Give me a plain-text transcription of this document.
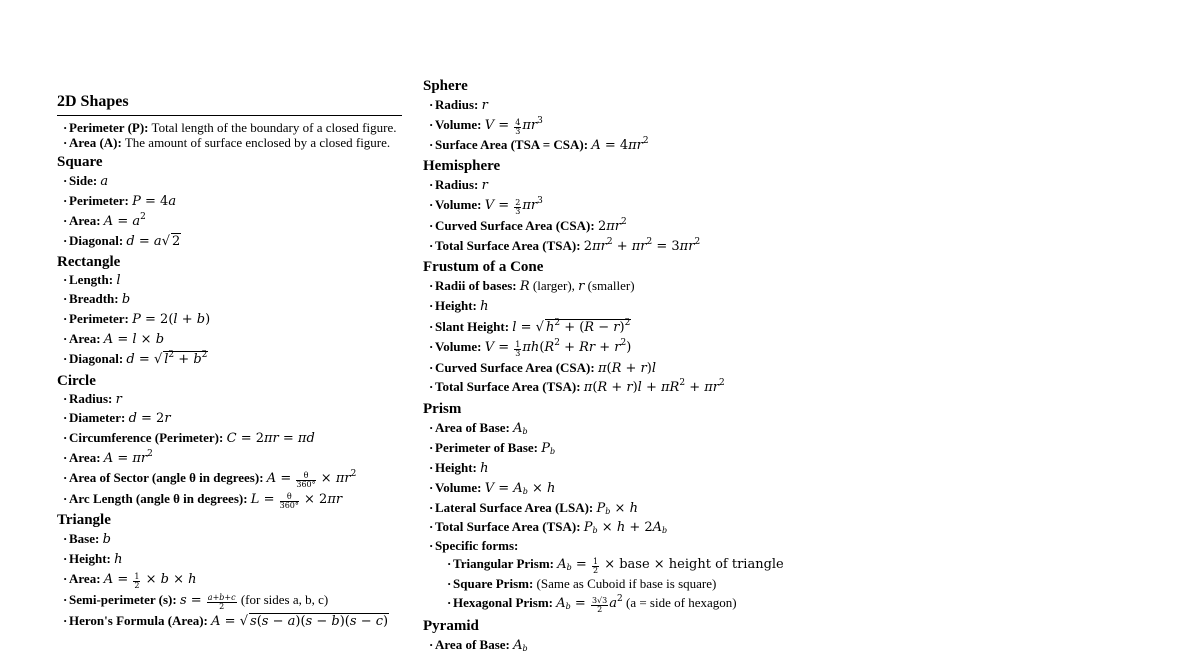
2D Shapes
· Perimeter (P): Total length of the boundary of a closed figure.
· Area (A): The amount of surface enclosed by a closed figure.
Square
· Side: a
· Perimeter: P = 4a
· Area: $A = a^2$
· Diagonal: d = a√ 2
Rectangle
· Length: l
· Breadth: b
· Perimeter: P = 2(l + b)
· Area: A = l × b
· Diagonal: d = √ $l^2 + b^2$
Circle
· Radius: r
· Diameter: d = 2r
· Circumference (Perimeter): C = 2πr = πd
· Area: $A = \pi r^2$
· Area of Sector (angle θ in degrees): $A = \frac{\theta}{360^\circ} \times \pi r^2$
· Arc Length (angle θ in degrees): $L = \frac{\theta}{360^\circ} \times 2\pi r$
Triangle
· Base: b
· Height: h
· Area: $A = \frac{1}{2} \times b \times h$
· Semi-perimeter (s): $s = \frac{a+b+c}{2} (for$ sides a, b, c)
· Heron's Formula (Area): A = √ s(s − a)(s − b)(s − c)
Sphere
· Radius: r
· Volume: $V = \frac{4}{3} \pi r^3$
· Surface Area (TSA = CSA): $A = 4\pi r^2$
Hemisphere
· Radius: r
· Volume: $V = \frac{2}{3} \pi r^3$
· Curved Surface Area (CSA): $2\pi r^2$
· Total Surface Area (TSA): $2\pi r^2 + \pi r^2 = 3\pi r^2$
Frustum of a Cone
· Radii of bases: R (larger), r (smaller)
· Height: h
· Slant Height: l = √ $h^2 + (R - r)^2$
· Volume: $V = \frac{1}{3} \pi h(R^2 + Rr + r^2)$
· Curved Surface Area (CSA): π(R + r)l
· Total Surface Area (TSA): $\pi(R + r)l + \pi R^2 + \pi r^2$
Prism
· Area of Base: $A_b$
· Perimeter of Base: $P_b$
· Height: h
· Volume: $V = A_b \times h$
· Lateral Surface Area (LSA): $P_b \times h$
· Total Surface Area (TSA): $P_b \times h + 2A_b$
· Specific forms:
· Triangular Prism: $A_b = \frac{1}{2}$ × base × height of triangle
· Square Prism: (Same as Cuboid if base is square)
· Hexagonal Prism: $A_b = \frac{3√3}{2} a^2$ (a = side of hexagon)
Pyramid
· Area of Base: $A_b$
